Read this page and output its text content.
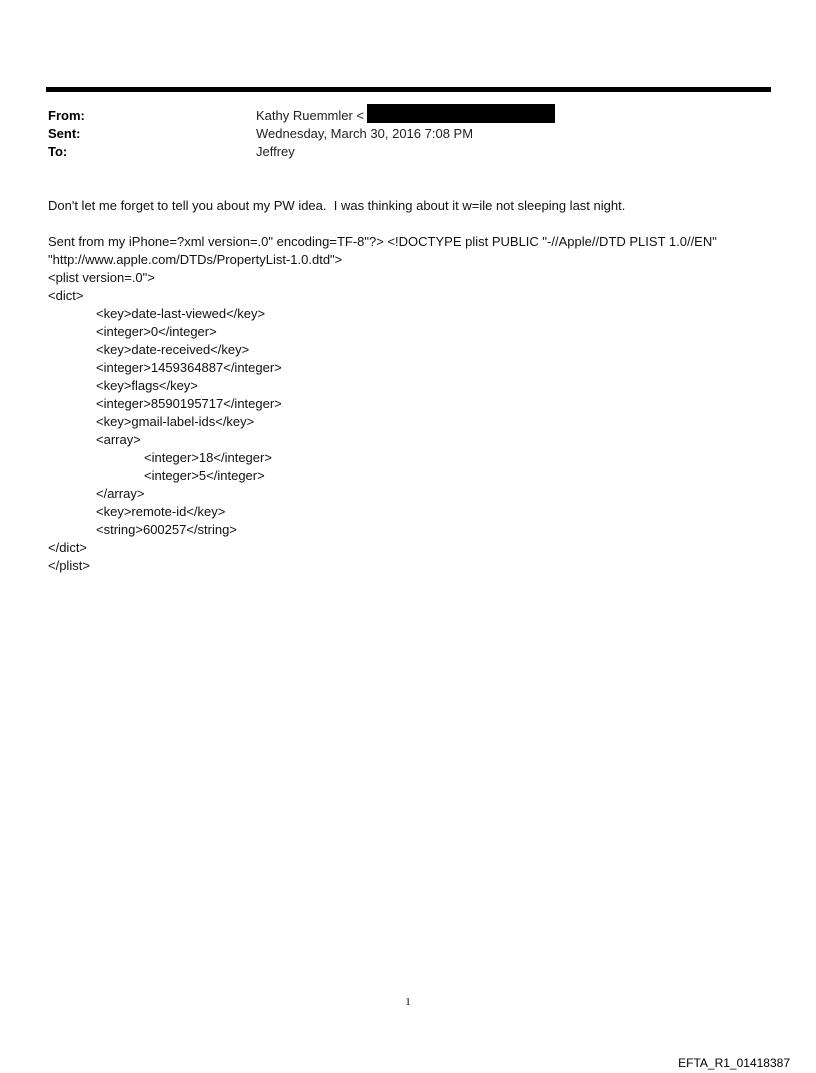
From:	Kathy Ruemmler <
Sent:	Wednesday, March 30, 2016 7:08 PM
To:	Jeffrey

Don't let me forget to tell you about my PW idea.  I was thinking about it w=ile not sleeping last night.

Sent from my iPhone=?xml version=.0" encoding=TF-8"?> <!DOCTYPE plist PUBLIC "-//Apple//DTD PLIST 1.0//EN"
"http://www.apple.com/DTDs/PropertyList-1.0.dtd">
<plist version=.0">
<dict>
<key>date-last-viewed</key>
<integer>0</integer>
<key>date-received</key>
<integer>1459364887</integer>
<key>flags</key>
<integer>8590195717</integer>
<key>gmail-label-ids</key>
<array>
<integer>18</integer>
<integer>5</integer>
</array>
<key>remote-id</key>
<string>600257</string>
</dict>
</plist>
1
EFTA_R1_01418387
